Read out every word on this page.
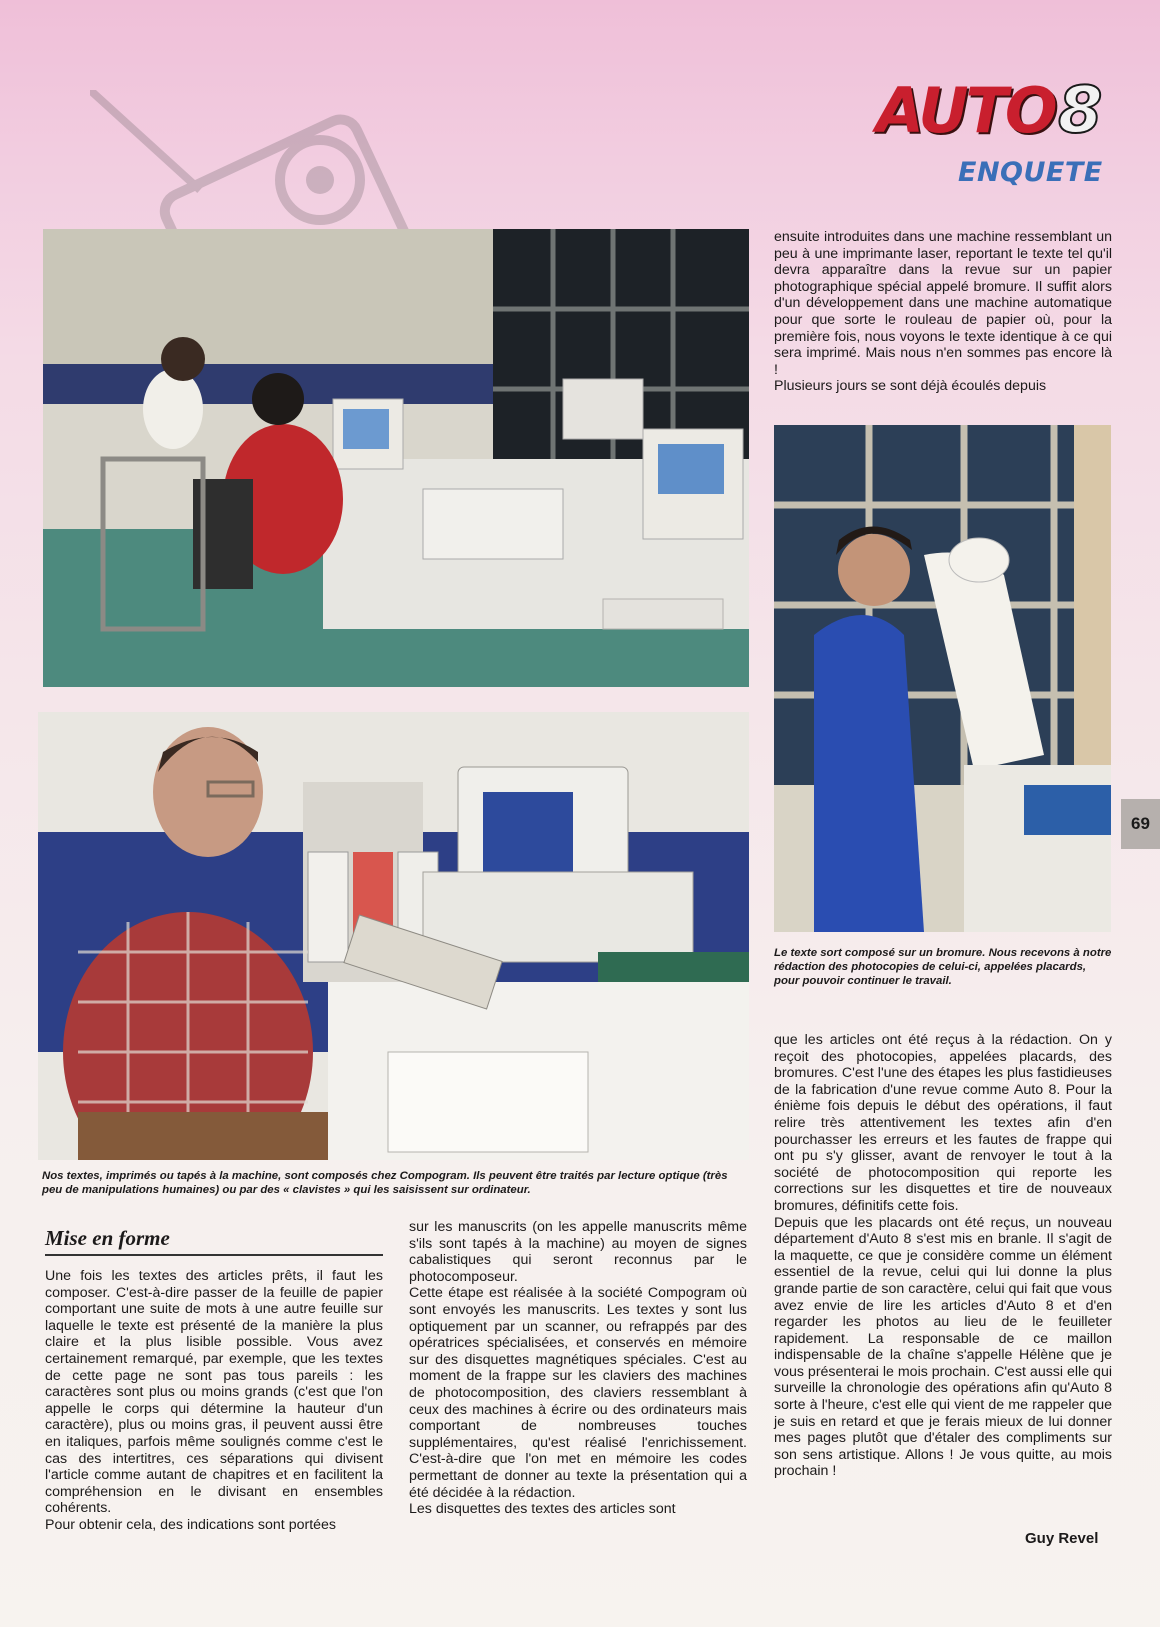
AUTO 8
ENQUETE

ensuite introduites dans une machine ressemblant un peu à une imprimante laser, reportant le texte tel qu'il devra apparaître dans la revue sur un papier photographique spécial appelé bromure. Il suffit alors d'un développement dans une machine automatique pour que sorte le rouleau de papier où, pour la première fois, nous voyons le texte identique à ce qui sera imprimé. Mais nous n'en sommes pas encore là !

Plusieurs jours se sont déjà écoulés depuis

Le texte sort composé sur un bromure. Nous recevons à notre rédaction des photocopies de celui-ci, appelées placards, pour pouvoir continuer le travail.
69
Nos textes, imprimés ou tapés à la machine, sont composés chez Compogram. Ils peuvent être traités par lecture optique (très peu de manipulations humaines) ou par des « clavistes » qui les saisissent sur ordinateur.
Mise en forme

Une fois les textes des articles prêts, il faut les composer. C'est-à-dire passer de la feuille de papier comportant une suite de mots à une autre feuille sur laquelle le texte est présenté de la manière la plus claire et la plus lisible possible. Vous avez certainement remarqué, par exemple, que les textes de cette page ne sont pas tous pareils : les caractères sont plus ou moins grands (c'est que l'on appelle le corps qui détermine la hauteur d'un caractère), plus ou moins gras, il peuvent aussi être en italiques, parfois même soulignés comme c'est le cas des intertitres, ces séparations qui divisent l'article comme autant de chapitres et en facilitent la compréhension en le divisant en ensembles cohérents.

Pour obtenir cela, des indications sont portées

sur les manuscrits (on les appelle manuscrits même s'ils sont tapés à la machine) au moyen de signes cabalistiques qui seront reconnus par le photocomposeur.

Cette étape est réalisée à la société Compogram où sont envoyés les manuscrits. Les textes y sont lus optiquement par un scanner, ou refrappés par des opératrices spécialisées, et conservés en mémoire sur des disquettes magnétiques spéciales. C'est au moment de la frappe sur les claviers des machines de photocomposition, des claviers ressemblant à ceux des machines à écrire ou des ordinateurs mais comportant de nombreuses touches supplémentaires, qu'est réalisé l'enrichissement. C'est-à-dire que l'on met en mémoire les codes permettant de donner au texte la présentation qui a été décidée à la rédaction.

Les disquettes des textes des articles sont

que les articles ont été reçus à la rédaction. On y reçoit des photocopies, appelées placards, des bromures. C'est l'une des étapes les plus fastidieuses de la fabrication d'une revue comme Auto 8. Pour la énième fois depuis le début des opérations, il faut relire très attentivement les textes afin d'en pourchasser les erreurs et les fautes de frappe qui ont pu s'y glisser, avant de renvoyer le tout à la société de photocomposition qui reporte les corrections sur les disquettes et tire de nouveaux bromures, définitifs cette fois.

Depuis que les placards ont été reçus, un nouveau département d'Auto 8 s'est mis en branle. Il s'agit de la maquette, ce que je considère comme un élément essentiel de la revue, celui qui lui donne la plus grande partie de son caractère, celui qui fait que vous avez envie de lire les articles d'Auto 8 et d'en regarder les photos au lieu de le feuilleter rapidement. La responsable de ce maillon indispensable de la chaîne s'appelle Hélène que je vous présenterai le mois prochain. C'est aussi elle qui surveille la chronologie des opérations afin qu'Auto 8 sorte à l'heure, c'est elle qui vient de me rappeler que je suis en retard et que je ferais mieux de lui donner mes pages plutôt que d'étaler des compliments sur son sens artistique. Allons ! Je vous quitte, au mois prochain !

Guy Revel
